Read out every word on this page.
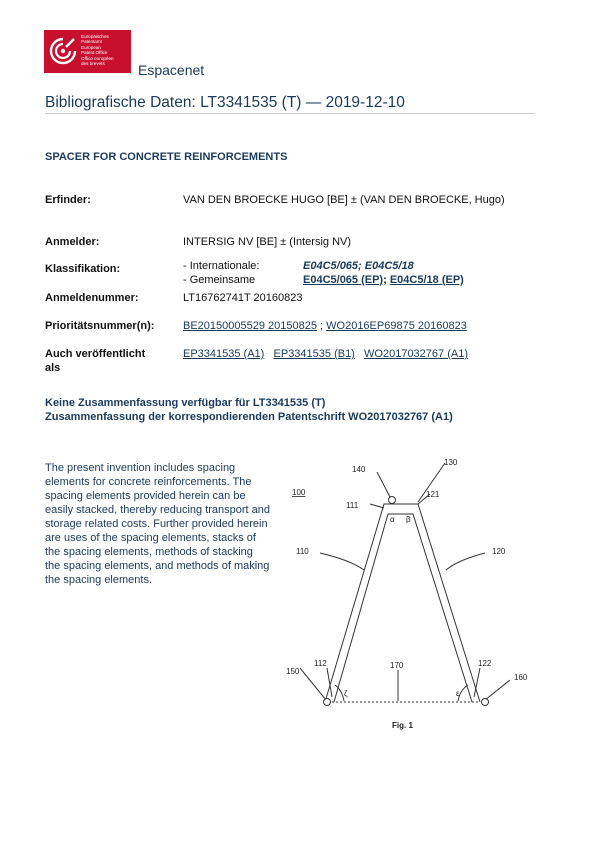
Europäisches
Patentamt
European
Patent Office
Office européen
des brevets	Espacenet
Bibliografische Daten: LT3341535 (T) — 2019-12-10
SPACER FOR CONCRETE REINFORCEMENTS
Erfinder:	VAN DEN BROECKE HUGO [BE] ± (VAN DEN BROECKE, Hugo)
Anmelder:	INTERSIG NV [BE] ± (Intersig NV)
Klassifikation:	- Internationale:	E04C5/065; E04C5/18
- Gemeinsame	E04C5/065 (EP); E04C5/18 (EP)
Anmeldenummer:	LT16762741T 20160823
Prioritätsnummer(n):	BE20150005529 20150825 ; WO2016EP69875 20160823
Auch veröffentlicht
als
EP3341535 (A1) EP3341535 (B1) WO2017032767 (A1)
Keine Zusammenfassung verfügbar für LT3341535 (T)
Zusammenfassung der korrespondierenden Patentschrift WO2017032767 (A1)
The present invention includes spacing elements for concrete reinforcements. The spacing elements provided herein can be easily stacked, thereby reducing transport and storage related costs. Further provided herein are uses of the spacing elements, stacks of the spacing elements, methods of stacking the spacing elements, and methods of making the spacing elements.
100
110
111
112
120
121
122
130
140
150
160
170
α β
ζ	ε
Fig. 1
